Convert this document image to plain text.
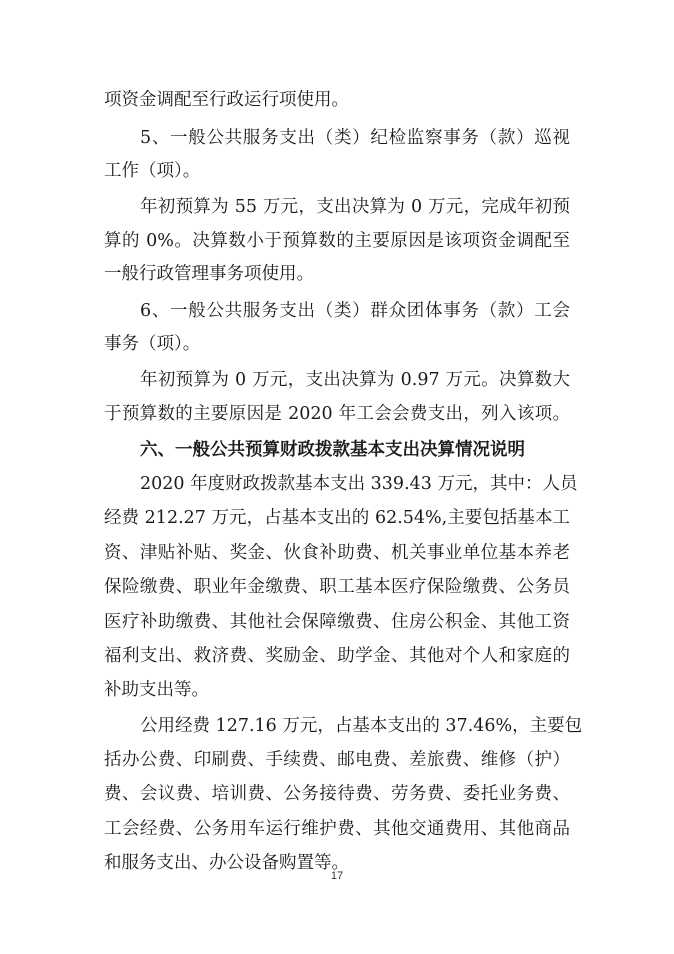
项资金调配至行政运行项使用。
5、一般公共服务支出（类）纪检监察事务（款）巡视
工作（项）。
年初预算为 55 万元，支出决算为 0 万元，完成年初预
算的 0%。决算数小于预算数的主要原因是该项资金调配至
一般行政管理事务项使用。
6、一般公共服务支出（类）群众团体事务（款）工会
事务（项）。
年初预算为 0 万元，支出决算为 0.97 万元。决算数大
于预算数的主要原因是 2020 年工会会费支出，列入该项。
六、一般公共预算财政拨款基本支出决算情况说明
2020 年度财政拨款基本支出 339.43 万元，其中：人员
经费 212.27 万元，占基本支出的 62.54%,主要包括基本工
资、津贴补贴、奖金、伙食补助费、机关事业单位基本养老
保险缴费、职业年金缴费、职工基本医疗保险缴费、公务员
医疗补助缴费、其他社会保障缴费、住房公积金、其他工资
福利支出、救济费、奖励金、助学金、其他对个人和家庭的
补助支出等。
公用经费 127.16 万元，占基本支出的 37.46%，主要包
括办公费、印刷费、手续费、邮电费、差旅费、维修（护）
费、会议费、培训费、公务接待费、劳务费、委托业务费、
工会经费、公务用车运行维护费、其他交通费用、其他商品
和服务支出、办公设备购置等。
17
